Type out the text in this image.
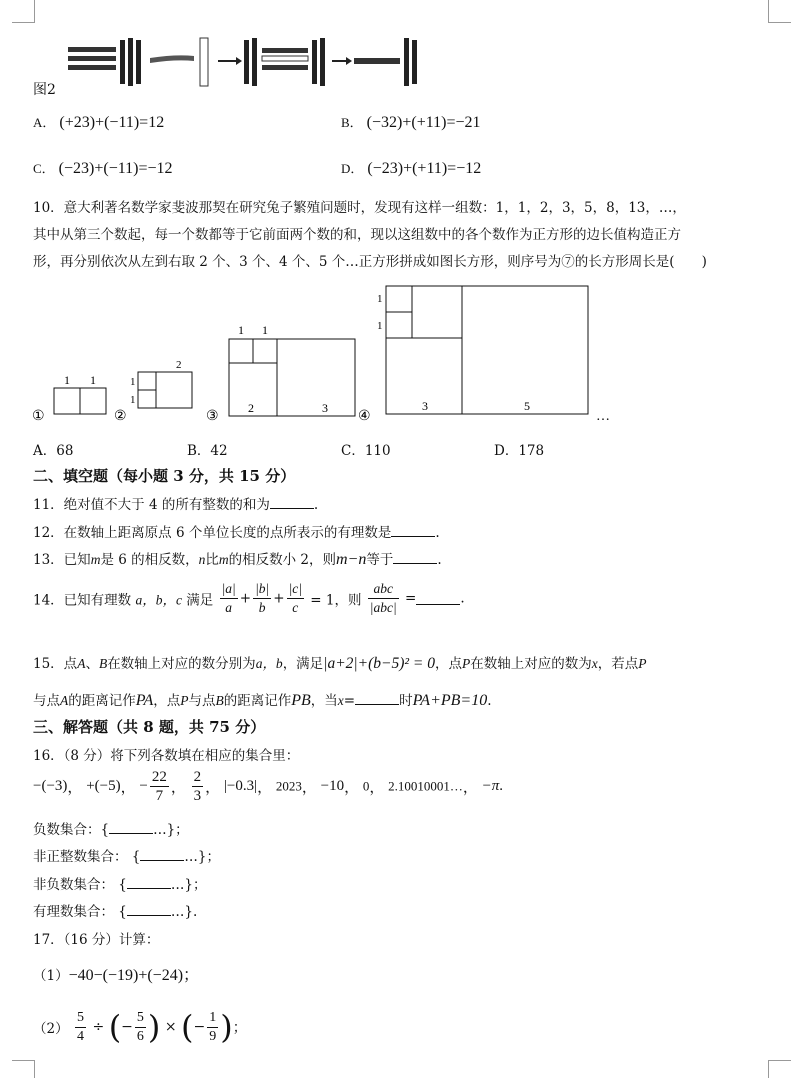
图2
A． (+23)+(−11)=12	B． (−32)+(+11)=−21
C． (−23)+(−11)=−12	D． (−23)+(+11)=−12
10．意大利著名数学家斐波那契在研究兔子繁殖问题时，发现有这样一组数：1，1，2，3，5，8，13，…，
其中从第三个数起，每一个数都等于它前面两个数的和，现以这组数中的各个数作为正方形的边长值构造正方
形，再分别依次从左到右取 2 个、3 个、4 个、5 个…正方形拼成如图长方形，则序号为⑦的长方形周长是(　　)
①
1 1
②
1
1
2
③
1 1
2	3
④
1
1
3	5
…
A．68	B．42	C．110	D．178
二、填空题（每小题 3 分，共 15 分）
11．绝对值不大于 4 的所有整数的和为	.
12．在数轴上距离原点 6 个单位长度的点所表示的有理数是	.
13．已知m是 6 的相反数，n比m的相反数小 2，则m−n等于	.
14．已知有理数 a，b，c 满足 $\frac{|a|}{a} + \frac{|b|}{b} + \frac{|c|}{c} = 1$，则 $\frac{\text{abc}}{\text{|abc|}}$ =	.
15．点A、B在数轴上对应的数分别为a，b，满足|a+2|+(b−5)² = 0，点P在数轴上对应的数为x，若点P
与点A的距离记作PA，点P与点B的距离记作PB，当x=	时PA+PB=10.
三、解答题（共 8 题，共 75 分）
16．（8 分）将下列各数填在相应的集合里：
−(−3)， +(−5)， − $\frac{22}{7}$ ， $\frac{2}{3}$ ， |−0.3|， 2023， −10， 0， 2.10010001…， −π.
负数集合：{	…}；
非正整数集合： {	…}；
非负数集合： {	…}；
有理数集合： {	…}.
17．（16 分）计算：
（1）−40−(−19)+(−24)；
$(2) \frac{5}{4}$ ÷ (− $\frac{5}{6}$ ) × (− $\frac{1}{9}$ )；
